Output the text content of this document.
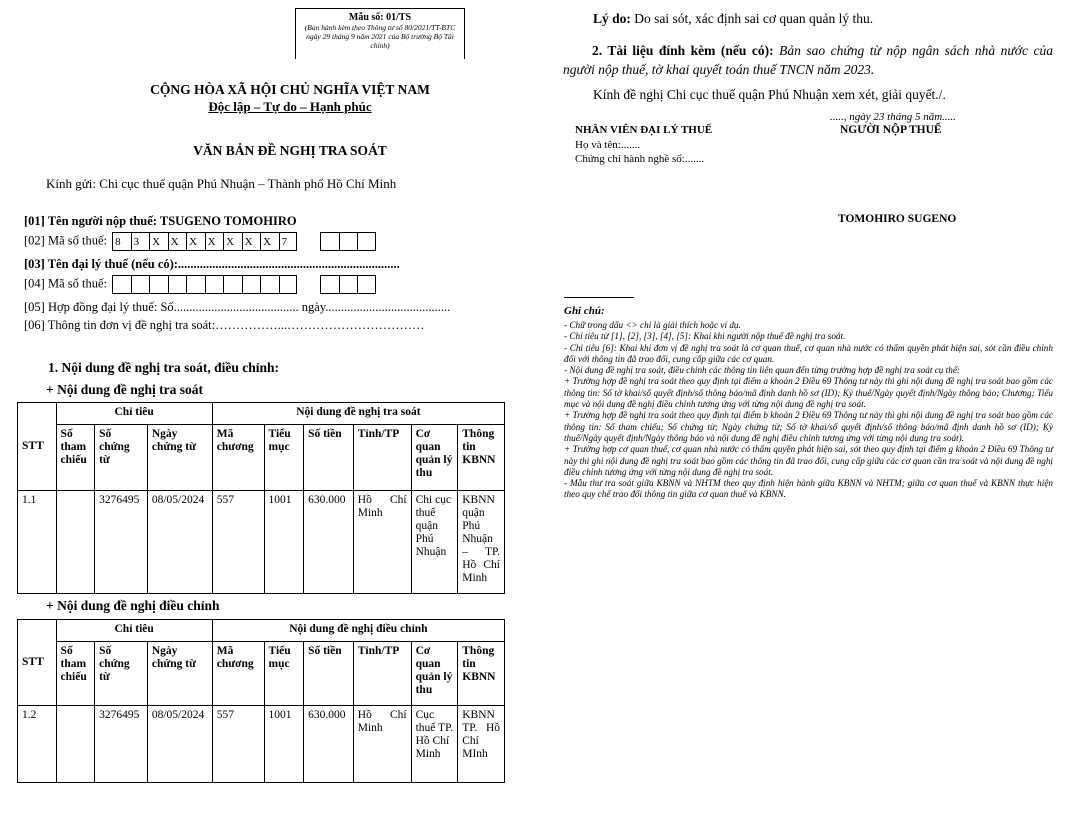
Mẫu số: 01/TS
(Ban hành kèm theo Thông tư số 80/2021/TT-BTC ngày 29 tháng 9 năm 2021 của Bộ trưởng Bộ Tài chính)
CỘNG HÒA XÃ HỘI CHỦ NGHĨA VIỆT NAM
Độc lập – Tự do – Hạnh phúc
VĂN BẢN ĐỀ NGHỊ TRA SOÁT
Kính gửi: Chi cục thuế quận Phú Nhuận – Thành phố Hồ Chí Minh
[01] Tên người nộp thuế: TSUGENO TOMOHIRO
[02] Mã số thuế: 8	3	X X X X X X X 7

[03] Tên đại lý thuế (nếu có):.......................................................................
[04] Mã số thuế:

[05] Hợp đồng đại lý thuế: Số........................................ ngày........................................
[06] Thông tin đơn vị đề nghị tra soát:……………...……………………………
1. Nội dung đề nghị tra soát, điều chỉnh:
+ Nội dung đề nghị tra soát
STT	Chỉ tiêu			Nội dung đề nghị tra soát					
	Số tham chiếu	Số chứng từ	Ngày chứng từ	Mã chương	Tiểu mục	Số tiền	Tỉnh/TP	Cơ quan quản lý thu	Thông tin KBNN
1.1		3276495	08/05/2024	557	1001	630.000	Hồ Chí Minh	Chi cục thuế quận Phú Nhuận	KBNN quận Phú Nhuận – TP. Hồ Chí Minh
+ Nội dung đề nghị điều chỉnh
STT	Chỉ tiêu			Nội dung đề nghị điều chỉnh					
	Số tham chiếu	Số chứng từ	Ngày chứng từ	Mã chương	Tiểu mục	Số tiền	Tỉnh/TP	Cơ quan quản lý thu	Thông tin KBNN
1.2		3276495	08/05/2024	557	1001	630.000	Hồ Chí Minh	Cục thuế TP. Hồ Chí Minh	KBNN TP. Hồ Chí MInh
Lý do: Do sai sót, xác định sai cơ quan quản lý thu.
2. Tài liệu đính kèm (nếu có): Bản sao chứng từ nộp ngân sách nhà nước của người nộp thuế, tờ khai quyết toán thuế TNCN năm 2023.
Kính đề nghị Chi cục thuế quận Phú Nhuận xem xét, giải quyết./.
....., ngày 23 tháng 5 năm.....
NHÂN VIÊN ĐẠI LÝ THUẾ	NGƯỜI NỘP THUẾ
Họ và tên:.......
Chứng chỉ hành nghề số:.......
TOMOHIRO SUGENO
Ghi chú:
- Chữ trong dấu <> chỉ là giải thích hoặc ví dụ.
- Chỉ tiêu từ [1], [2], [3], [4], [5]: Khai khi người nộp thuế đề nghị tra soát.
- Chỉ tiêu [6]: Khai khi đơn vị đề nghị tra soát là cơ quan thuế, cơ quan nhà nước có thẩm quyền phát hiện sai, sót cần điều chỉnh đối với thông tin đã trao đổi, cung cấp giữa các cơ quan.
- Nội dung đề nghị tra soát, điều chỉnh các thông tin liên quan đến từng trường hợp đề nghị tra soát cụ thể:
+ Trường hợp đề nghị tra soát theo quy định tại điểm a khoản 2 Điều 69 Thông tư này thì ghi nội dung đề nghị tra soát bao gồm các thông tin: Số tờ khai/số quyết định/số thông báo/mã định danh hồ sơ (ID); Kỳ thuế/Ngày quyết định/Ngày thông báo; Chương; Tiểu mục và nội dung đề nghị điều chỉnh tương ứng với từng nội dung đề nghị tra soát.
+ Trường hợp đề nghị tra soát theo quy định tại điểm b khoản 2 Điều 69 Thông tư này thì ghi nội dung đề nghị tra soát bao gồm các thông tin: Số tham chiếu; Số chứng từ; Ngày chứng từ; Số tờ khai/số quyết định/số thông báo/mã định danh hồ sơ (ID); Kỳ thuế/Ngày quyết định/Ngày thông báo và nội dung đề nghị điều chỉnh tương ứng với từng nội dung tra soát).
+ Trường hợp cơ quan thuế, cơ quan nhà nước có thẩm quyền phát hiện sai, sót theo quy định tại điểm g khoản 2 Điều 69 Thông tư này thì ghi nội dung đề nghị tra soát bao gồm các thông tin đã trao đổi, cung cấp giữa các cơ quan cần tra soát và nội dung đề nghị điều chỉnh tương ứng với từng nội dung đề nghị tra soát.
- Mẫu thư tra soát giữa KBNN và NHTM theo quy định hiện hành giữa KBNN và NHTM; giữa cơ quan thuế và KBNN thực hiện theo quy chế trao đổi thông tin giữa cơ quan thuế và KBNN.
